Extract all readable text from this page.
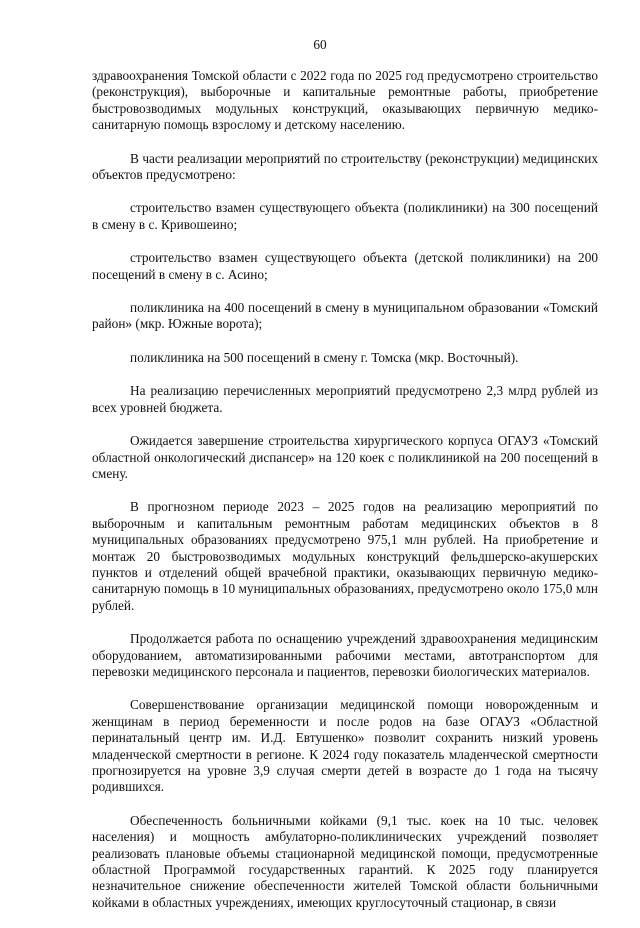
60

здравоохранения Томской области с 2022 года по 2025 год предусмотрено строительство (реконструкция), выборочные и капитальные ремонтные работы, приобретение быстровозводимых модульных конструкций, оказывающих первичную медико-санитарную помощь взрослому и детскому населению.

В части реализации мероприятий по строительству (реконструкции) медицинских объектов предусмотрено:

строительство взамен существующего объекта (поликлиники) на 300 посещений в смену в с. Кривошеино;

строительство взамен существующего объекта (детской поликлиники) на 200 посещений в смену в с. Асино;

поликлиника на 400 посещений в смену в муниципальном образовании «Томский район» (мкр. Южные ворота);

поликлиника на 500 посещений в смену г. Томска (мкр. Восточный).

На реализацию перечисленных мероприятий предусмотрено 2,3 млрд рублей из всех уровней бюджета.

Ожидается завершение строительства хирургического корпуса ОГАУЗ «Томский областной онкологический диспансер» на 120 коек с поликлиникой на 200 посещений в смену.

В прогнозном периоде 2023 – 2025 годов на реализацию мероприятий по выборочным и капитальным ремонтным работам медицинских объектов в 8 муниципальных образованиях предусмотрено 975,1 млн рублей. На приобретение и монтаж 20 быстровозводимых модульных конструкций фельдшерско-акушерских пунктов и отделений общей врачебной практики, оказывающих первичную медико-санитарную помощь в 10 муниципальных образованиях, предусмотрено около 175,0 млн рублей.

Продолжается работа по оснащению учреждений здравоохранения медицинским оборудованием, автоматизированными рабочими местами, автотранспортом для перевозки медицинского персонала и пациентов, перевозки биологических материалов.

Совершенствование организации медицинской помощи новорожденным и женщинам в период беременности и после родов на базе ОГАУЗ «Областной перинатальный центр им. И.Д. Евтушенко» позволит сохранить низкий уровень младенческой смертности в регионе. К 2024 году показатель младенческой смертности прогнозируется на уровне 3,9 случая смерти детей в возрасте до 1 года на тысячу родившихся.

Обеспеченность больничными койками (9,1 тыс. коек на 10 тыс. человек населения) и мощность амбулаторно-поликлинических учреждений позволяет реализовать плановые объемы стационарной медицинской помощи, предусмотренные областной Программой государственных гарантий. К 2025 году планируется незначительное снижение обеспеченности жителей Томской области больничными койками в областных учреждениях, имеющих круглосуточный стационар, в связи
